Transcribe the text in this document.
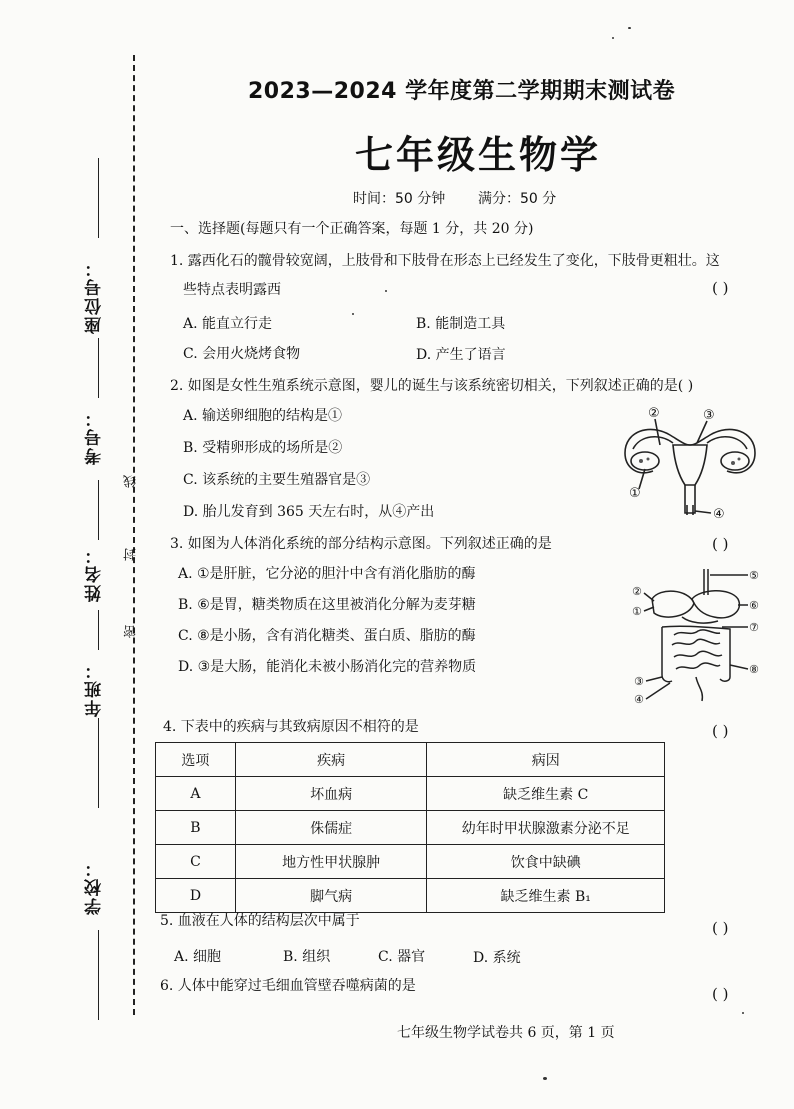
座位号：
考号：
姓名：
年班：
学校：
线
封
密
2023—2024 学年度第二学期期末测试卷
七年级生物学
时间：50 分钟 满分：50 分
一、选择题(每题只有一个正确答案，每题 1 分，共 20 分)
1. 露西化石的髋骨较宽阔，上肢骨和下肢骨在形态上已经发生了变化，下肢骨更粗壮。这
些特点表明露西	( )
A. 能直立行走	B. 能制造工具
C. 会用火烧烤食物	D. 产生了语言
2. 如图是女性生殖系统示意图，婴儿的诞生与该系统密切相关，下列叙述正确的是( )
A. 输送卵细胞的结构是①
B. 受精卵形成的场所是②
C. 该系统的主要生殖器官是③
D. 胎儿发育到 365 天左右时，从④产出
②	③
①
④
3. 如图为人体消化系统的部分结构示意图。下列叙述正确的是	( )
A. ①是肝脏，它分泌的胆汁中含有消化脂肪的酶
B. ⑥是胃，糖类物质在这里被消化分解为麦芽糖
C. ⑧是小肠，含有消化糖类、蛋白质、脂肪的酶
D. ③是大肠，能消化未被小肠消化完的营养物质
⑤
②
①	⑥
⑦
⑧
③
④
4. 下表中的疾病与其致病原因不相符的是	( )
选项	疾病	病因
A	坏血病	缺乏维生素 C
B	侏儒症	幼年时甲状腺激素分泌不足
C	地方性甲状腺肿	饮食中缺碘
D	脚气病	缺乏维生素 B₁
5. 血液在人体的结构层次中属于	( )
A. 细胞	B. 组织	C. 器官	D. 系统
6. 人体中能穿过毛细血管壁吞噬病菌的是	( )
七年级生物学试卷共 6 页，第 1 页
